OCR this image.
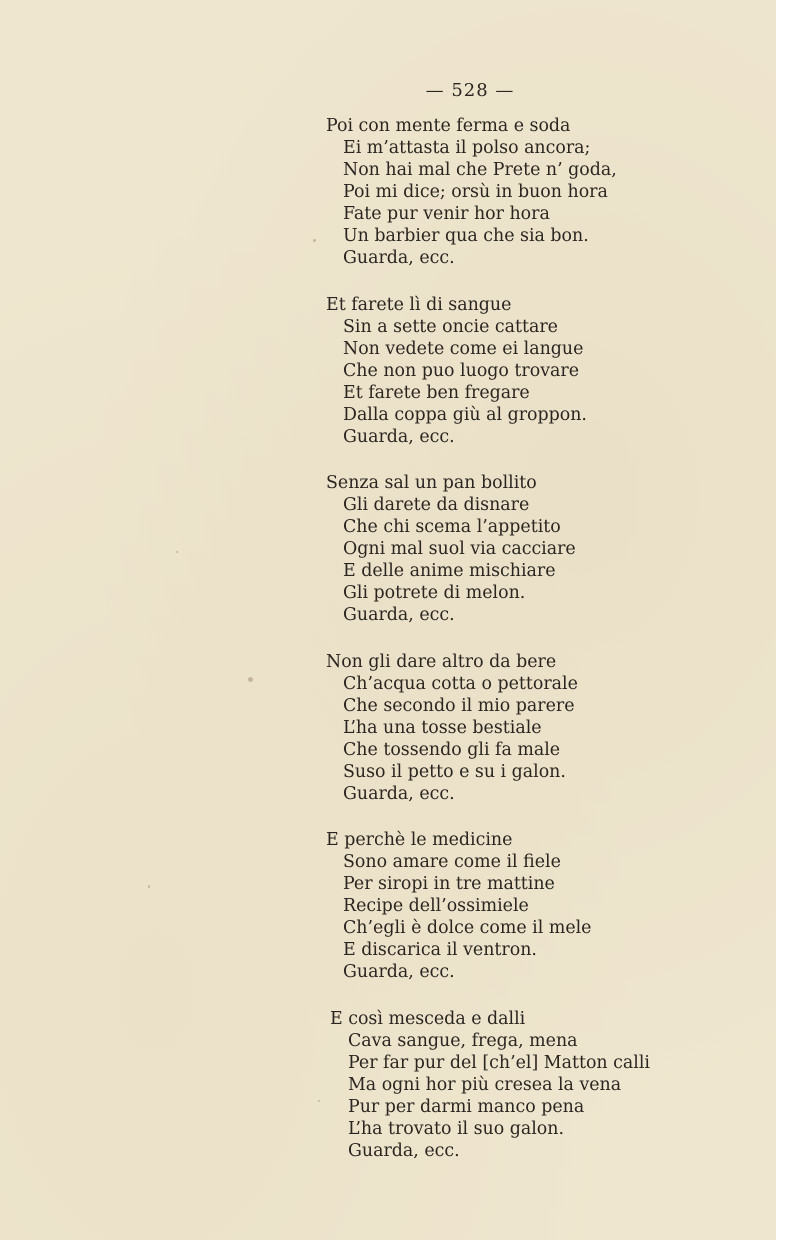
— 528 —
Poi con mente ferma e soda
Ei m’attasta il polso ancora;
Non hai mal che Prete n’ goda,
Poi mi dice; orsù in buon hora
Fate pur venir hor hora
Un barbier qua che sia bon.
Guarda, ecc.
Et farete lì di sangue
Sin a sette oncie cattare
Non vedete come ei langue
Che non puo luogo trovare
Et farete ben fregare
Dalla coppa giù al groppon.
Guarda, ecc.
Senza sal un pan bollito
Gli darete da disnare
Che chi scema l’appetito
Ogni mal suol via cacciare
E delle anime mischiare
Gli potrete di melon.
Guarda, ecc.
Non gli dare altro da bere
Ch’acqua cotta o pettorale
Che secondo il mio parere
L’ha una tosse bestiale
Che tossendo gli fa male
Suso il petto e su i galon.
Guarda, ecc.
E perchè le medicine
Sono amare come il fiele
Per siropi in tre mattine
Recipe dell’ossimiele
Ch’egli è dolce come il mele
E discarica il ventron.
Guarda, ecc.
E così mesceda e dalli
Cava sangue, frega, mena
Per far pur del [ch’el] Matton calli
Ma ogni hor più cresea la vena
Pur per darmi manco pena
L’ha trovato il suo galon.
Guarda, ecc.
